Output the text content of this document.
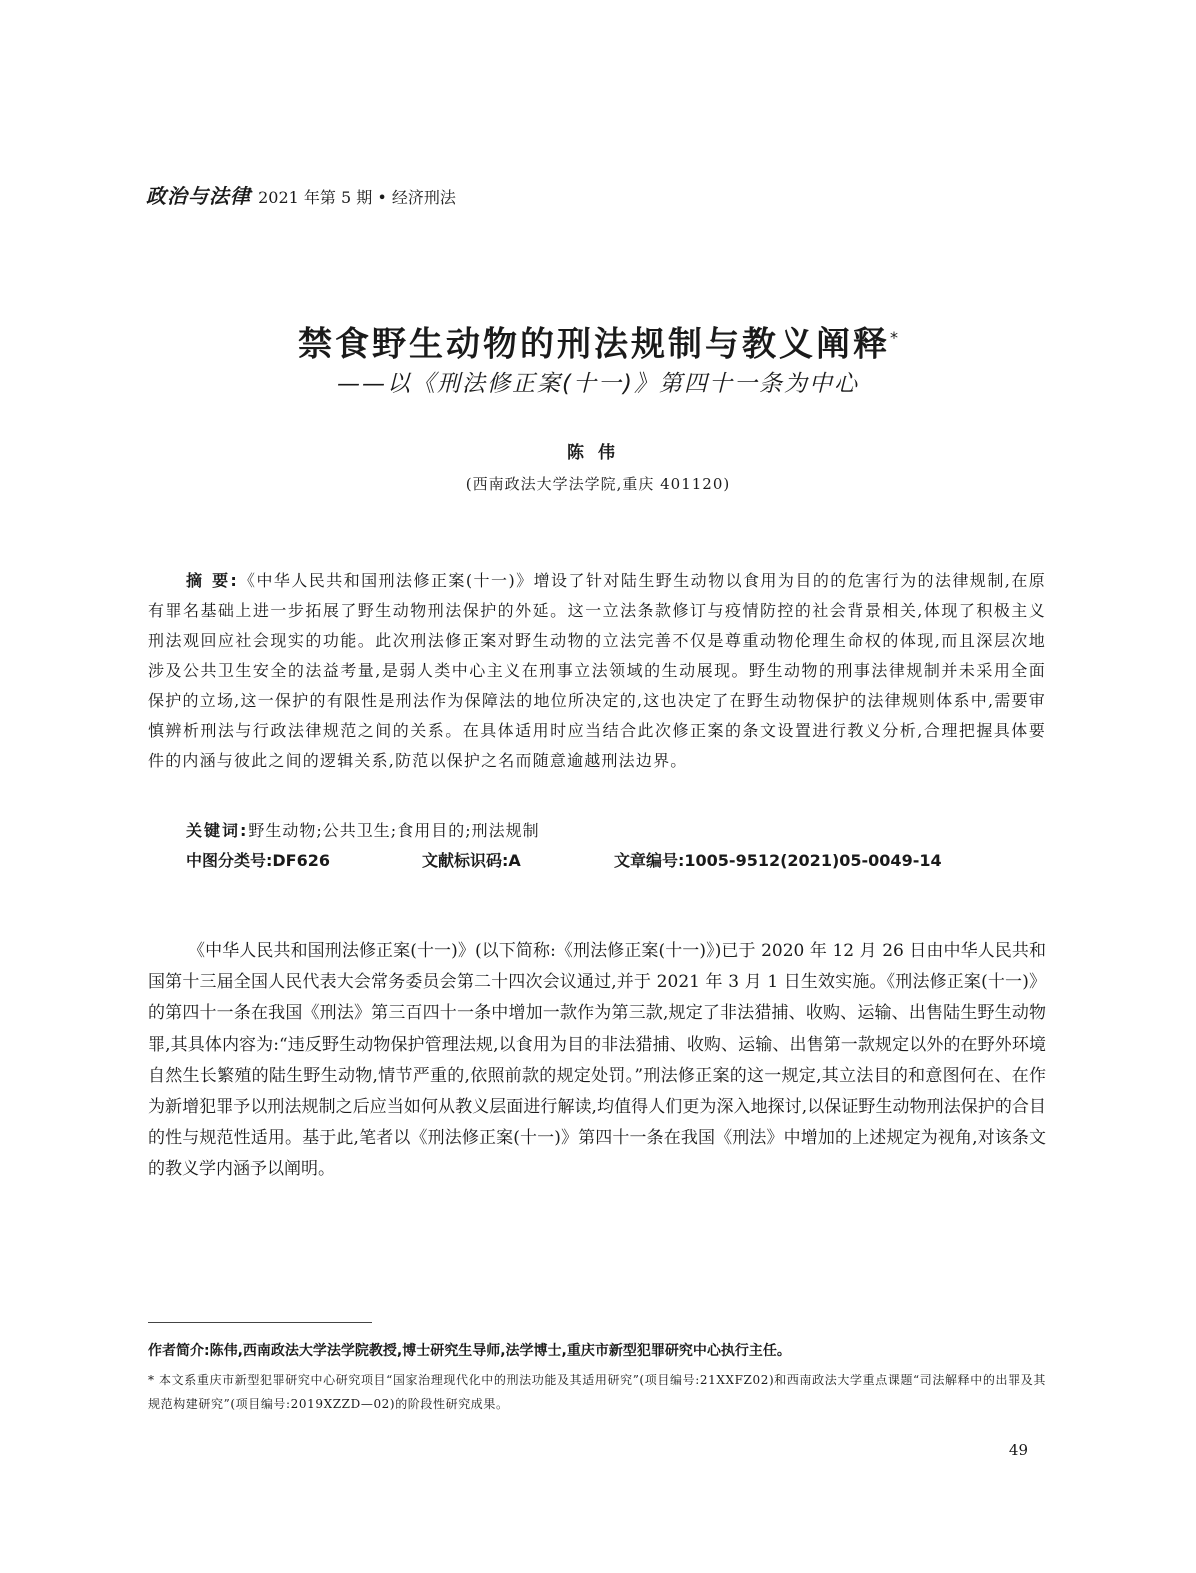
政治与法律 2021 年第 5 期 • 经济刑法
禁食野生动物的刑法规制与教义阐释*
——以《刑法修正案(十一)》第四十一条为中心
陈伟
(西南政法大学法学院,重庆 401120)
摘 要:《中华人民共和国刑法修正案(十一)》增设了针对陆生野生动物以食用为目的的危害行为的法律规制,在原有罪名基础上进一步拓展了野生动物刑法保护的外延。这一立法条款修订与疫情防控的社会背景相关,体现了积极主义刑法观回应社会现实的功能。此次刑法修正案对野生动物的立法完善不仅是尊重动物伦理生命权的体现,而且深层次地涉及公共卫生安全的法益考量,是弱人类中心主义在刑事立法领域的生动展现。野生动物的刑事法律规制并未采用全面保护的立场,这一保护的有限性是刑法作为保障法的地位所决定的,这也决定了在野生动物保护的法律规则体系中,需要审慎辨析刑法与行政法律规范之间的关系。在具体适用时应当结合此次修正案的条文设置进行教义分析,合理把握具体要件的内涵与彼此之间的逻辑关系,防范以保护之名而随意逾越刑法边界。
关键词:野生动物;公共卫生;食用目的;刑法规制
中图分类号:DF626	文献标识码:A	文章编号:1005-9512(2021)05-0049-14
《中华人民共和国刑法修正案(十一)》(以下简称:《刑法修正案(十一)》)已于 2020 年 12 月 26 日由中华人民共和国第十三届全国人民代表大会常务委员会第二十四次会议通过,并于 2021 年 3 月 1 日生效实施。《刑法修正案(十一)》的第四十一条在我国《刑法》第三百四十一条中增加一款作为第三款,规定了非法猎捕、收购、运输、出售陆生野生动物罪,其具体内容为:“违反野生动物保护管理法规,以食用为目的非法猎捕、收购、运输、出售第一款规定以外的在野外环境自然生长繁殖的陆生野生动物,情节严重的,依照前款的规定处罚。”刑法修正案的这一规定,其立法目的和意图何在、在作为新增犯罪予以刑法规制之后应当如何从教义层面进行解读,均值得人们更为深入地探讨,以保证野生动物刑法保护的合目的性与规范性适用。基于此,笔者以《刑法修正案(十一)》第四十一条在我国《刑法》中增加的上述规定为视角,对该条文的教义学内涵予以阐明。
作者简介:陈伟,西南政法大学法学院教授,博士研究生导师,法学博士,重庆市新型犯罪研究中心执行主任。
* 本文系重庆市新型犯罪研究中心研究项目“国家治理现代化中的刑法功能及其适用研究”(项目编号:21XXFZ02)和西南政法大学重点课题“司法解释中的出罪及其规范构建研究”(项目编号:2019XZZD—02)的阶段性研究成果。
49
